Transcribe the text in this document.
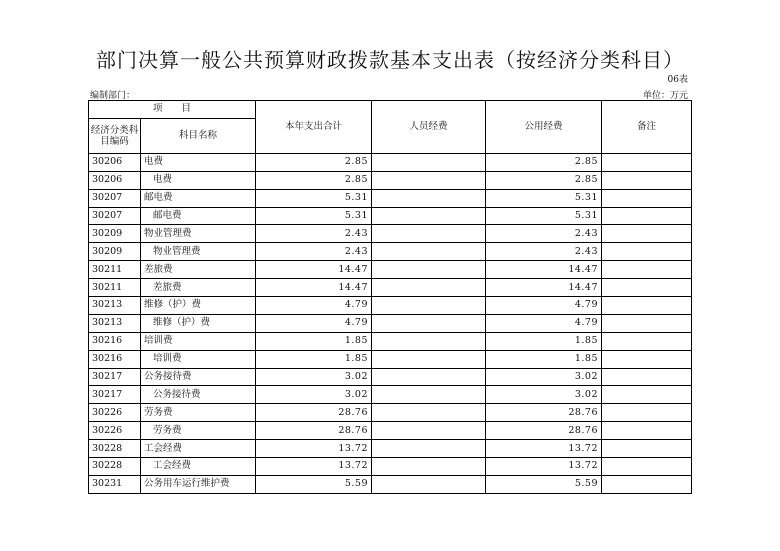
部门决算一般公共预算财政拨款基本支出表（按经济分类科目）
06表
编制部门：	单位：万元
项　　目		本年支出合计	人员经费	公用经费	备注
经济分类科目编码	科目名称				
30206	电费	2.85		2.85	
30206	电费	2.85		2.85	
30207	邮电费	5.31		5.31	
30207	邮电费	5.31		5.31	
30209	物业管理费	2.43		2.43	
30209	物业管理费	2.43		2.43	
30211	差旅费	14.47		14.47	
30211	差旅费	14.47		14.47	
30213	维修（护）费	4.79		4.79	
30213	维修（护）费	4.79		4.79	
30216	培训费	1.85		1.85	
30216	培训费	1.85		1.85	
30217	公务接待费	3.02		3.02	
30217	公务接待费	3.02		3.02	
30226	劳务费	28.76		28.76	
30226	劳务费	28.76		28.76	
30228	工会经费	13.72		13.72	
30228	工会经费	13.72		13.72	
30231	公务用车运行维护费	5.59		5.59	
